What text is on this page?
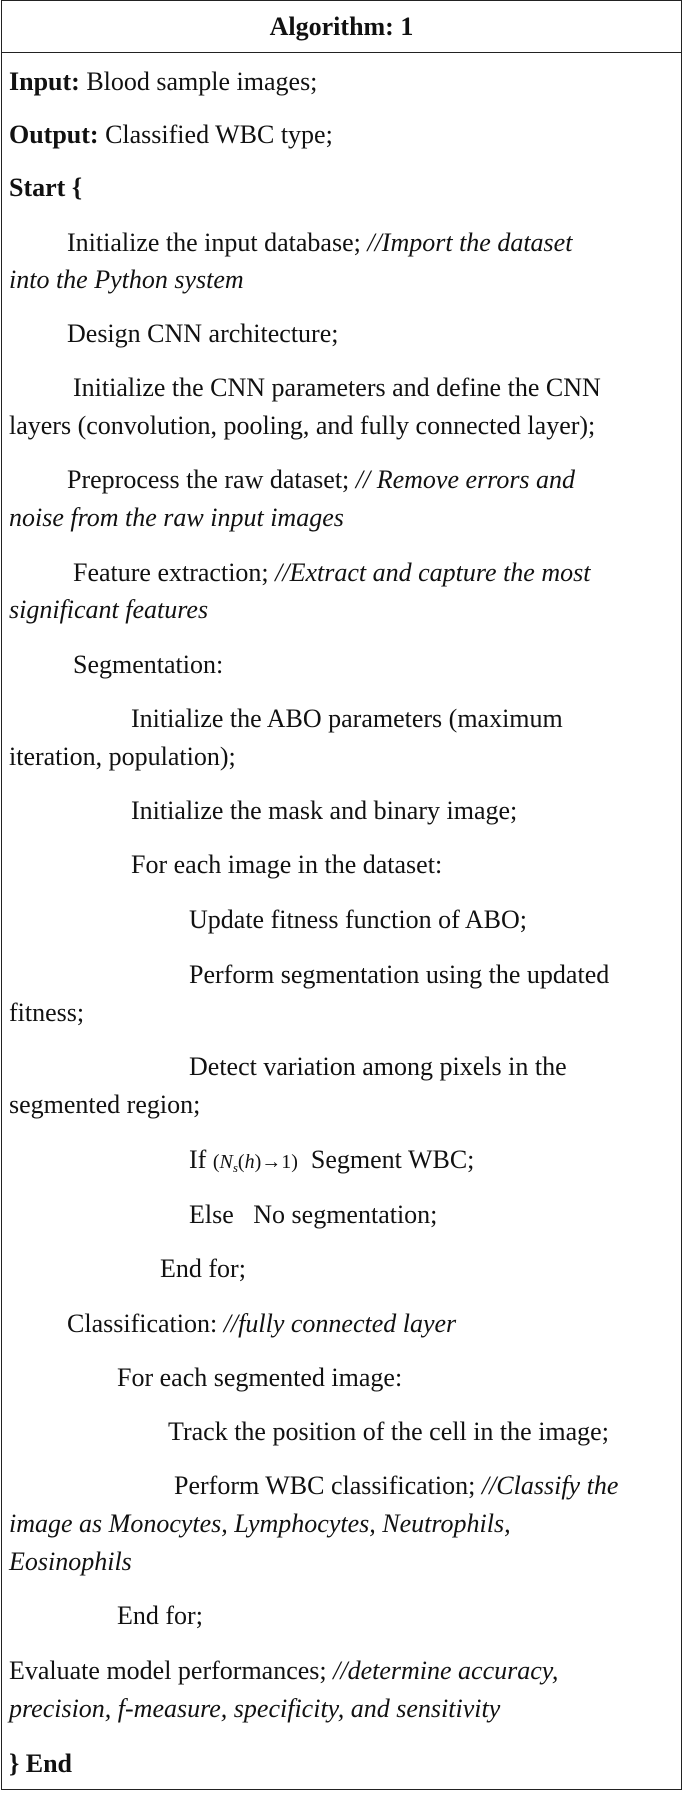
Algorithm: 1
Input: Blood sample images;
Output: Classified WBC type;
Start {
Initialize the input database; //Import the dataset
into the Python system
Design CNN architecture;
Initialize the CNN parameters and define the CNN
layers (convolution, pooling, and fully connected layer);
Preprocess the raw dataset; // Remove errors and
noise from the raw input images
Feature extraction; //Extract and capture the most
significant features
Segmentation:
Initialize the ABO parameters (maximum
iteration, population);
Initialize the mask and binary image;
For each image in the dataset:
Update fitness function of ABO;
Perform segmentation using the updated
fitness;
Detect variation among pixels in the
segmented region;
If $(N_s(h)\to 1)$ Segment WBC;
Else No segmentation;
End for;
Classification: //fully connected layer
For each segmented image:
Track the position of the cell in the image;
Perform WBC classification; //Classify the
image as Monocytes, Lymphocytes, Neutrophils,
Eosinophils
End for;
Evaluate model performances; //determine accuracy,
precision, f-measure, specificity, and sensitivity
} End
